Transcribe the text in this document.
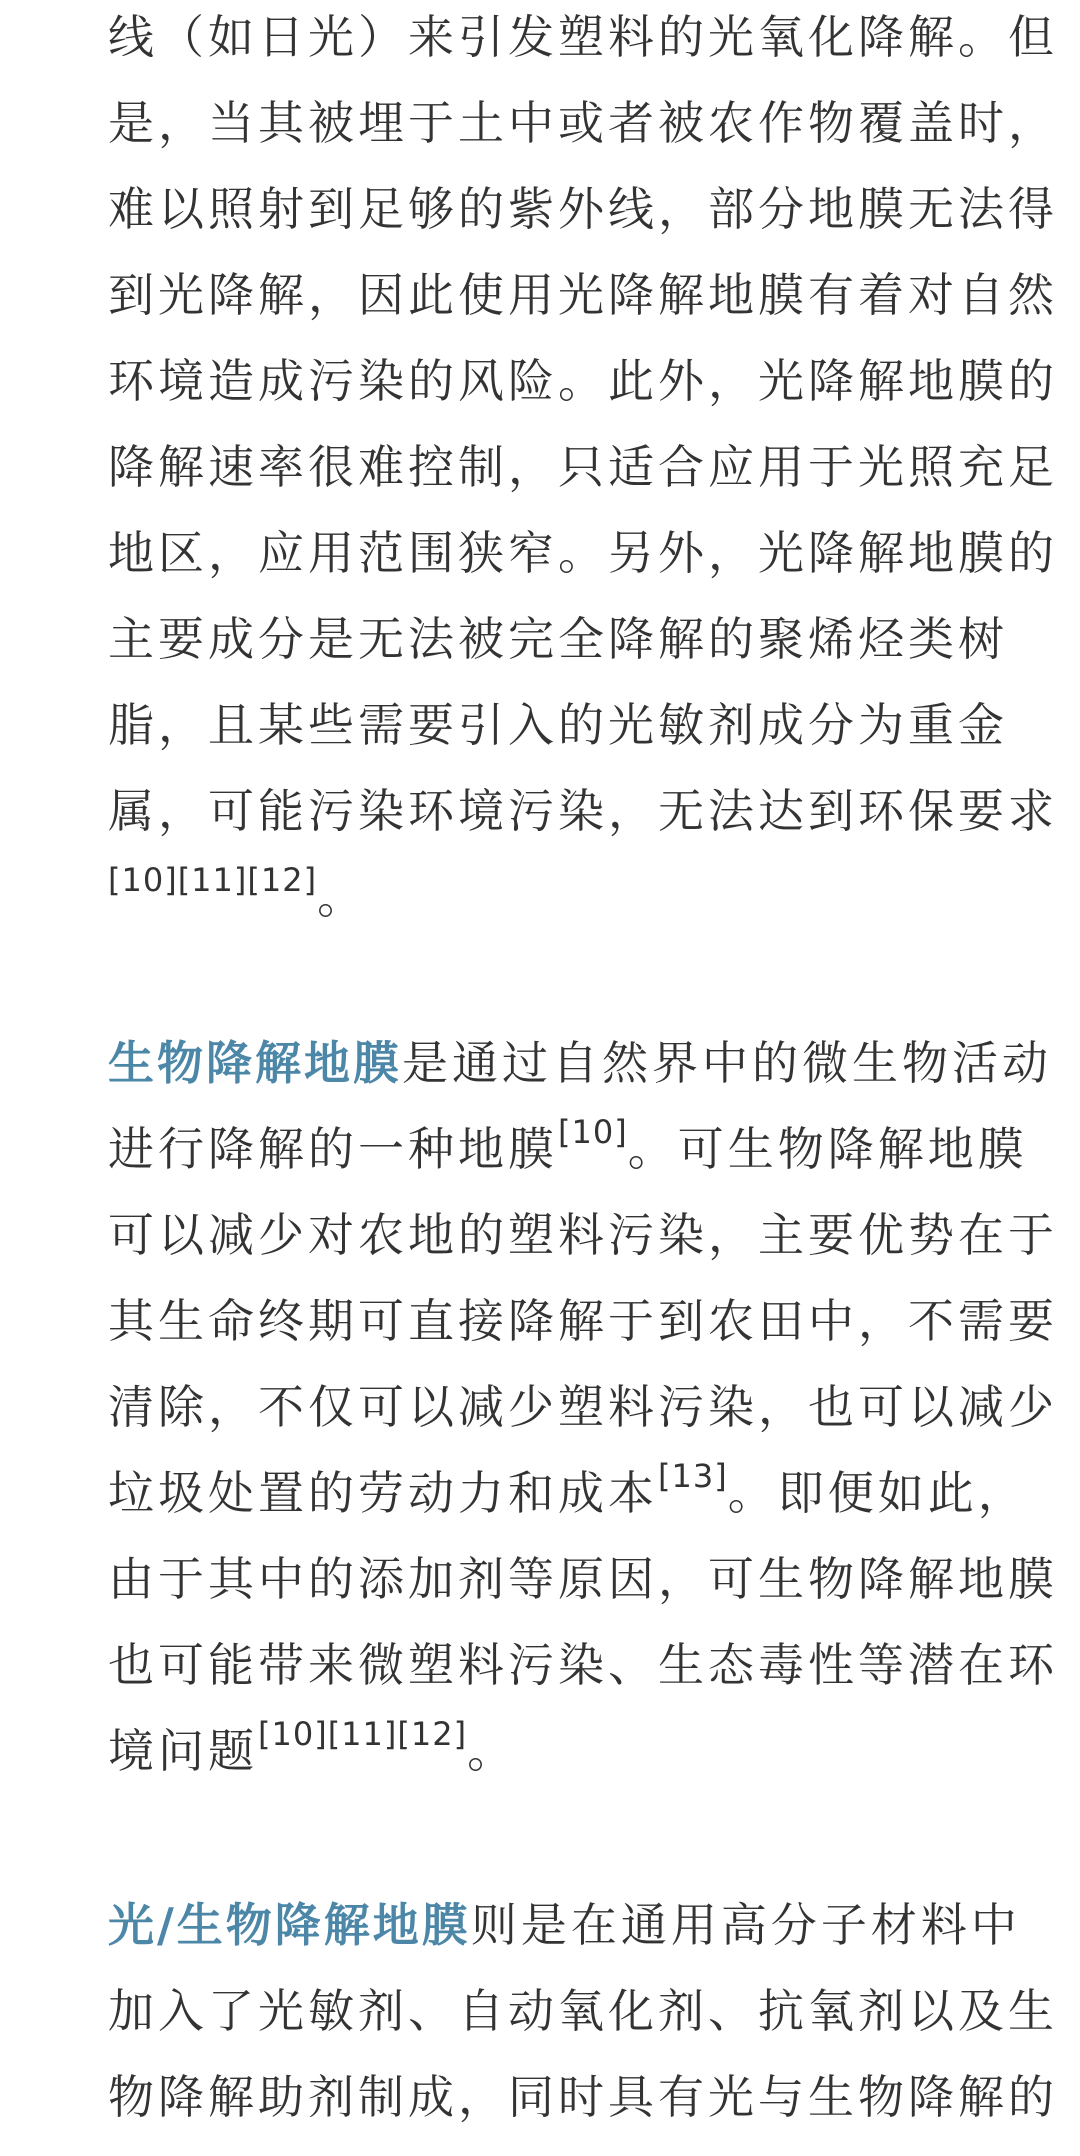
线（如日光）来引发塑料的光氧化降解。但
是，当其被埋于土中或者被农作物覆盖时，
难以照射到足够的紫外线，部分地膜无法得
到光降解，因此使用光降解地膜有着对自然
环境造成污染的风险。此外，光降解地膜的
降解速率很难控制，只适合应用于光照充足
地区，应用范围狭窄。另外，光降解地膜的
主要成分是无法被完全降解的聚烯烃类树
脂，且某些需要引入的光敏剂成分为重金
属，可能污染环境污染，无法达到环保要求
[10][11][12]。
生物降解地膜是通过自然界中的微生物活动
进行降解的一种地膜[10]。可生物降解地膜
可以减少对农地的塑料污染，主要优势在于
其生命终期可直接降解于到农田中，不需要
清除，不仅可以减少塑料污染，也可以减少
垃圾处置的劳动力和成本[13]。即便如此，
由于其中的添加剂等原因，可生物降解地膜
也可能带来微塑料污染、生态毒性等潜在环
境问题[10][11][12]。
光/生物降解地膜则是在通用高分子材料中
加入了光敏剂、自动氧化剂、抗氧剂以及生
物降解助剂制成，同时具有光与生物降解的
